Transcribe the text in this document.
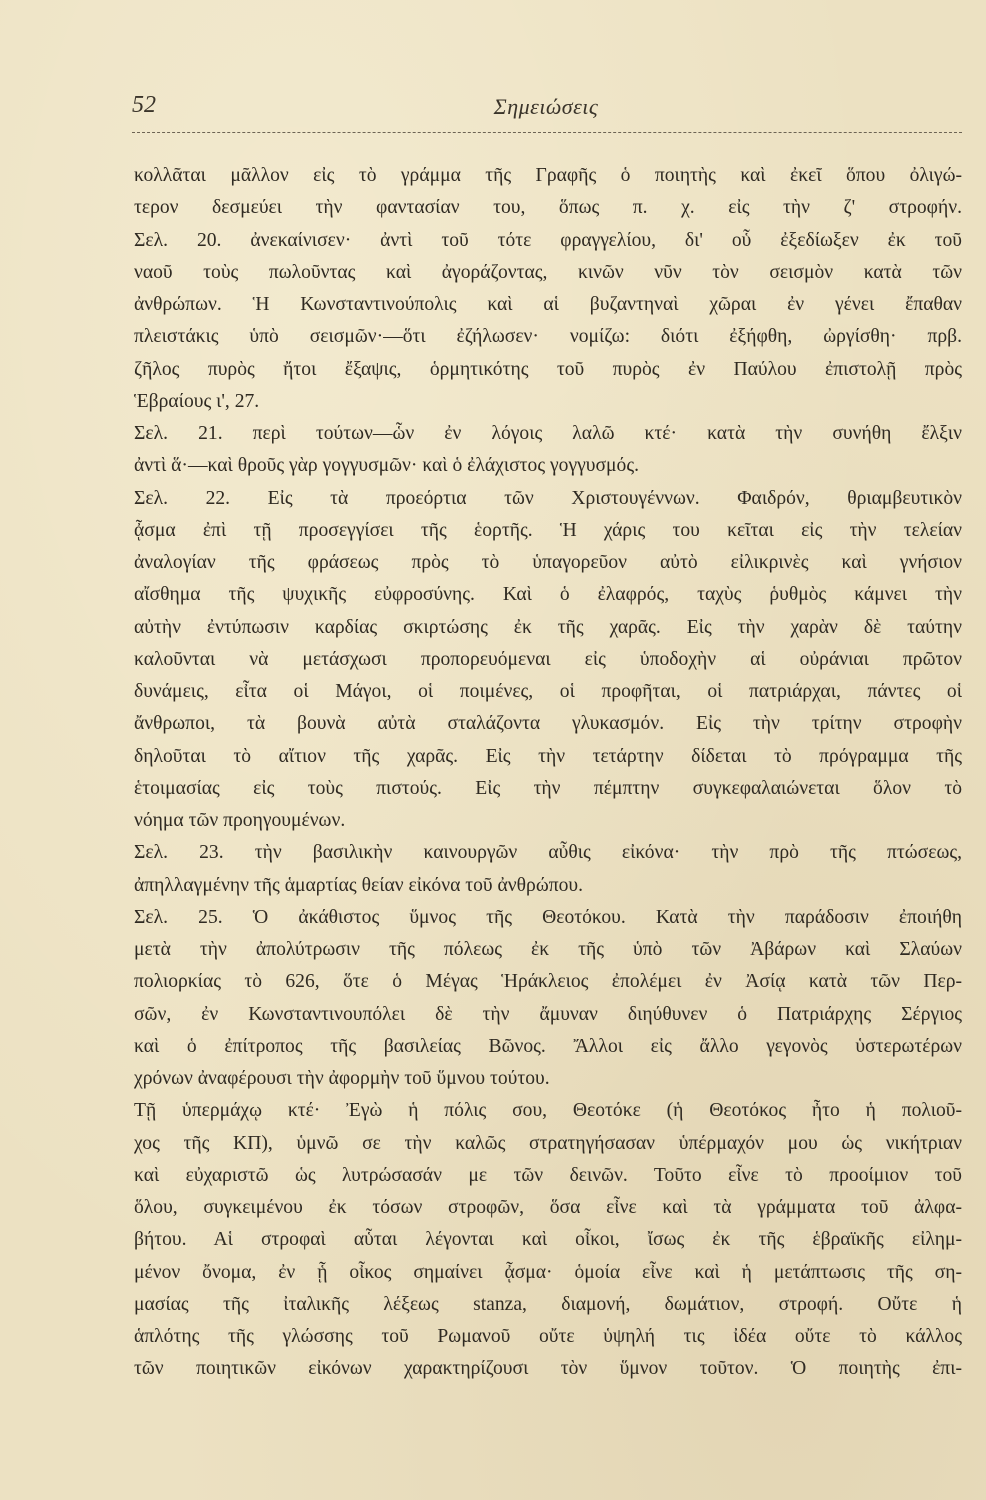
52	Σημειώσεις
κολλᾶται μᾶλλον εἰς τὸ γράμμα τῆς Γραφῆς ὁ ποιητὴς καὶ ἐκεῖ ὅπου ὀλιγώ-
τερον δεσμεύει τὴν φαντασίαν του, ὅπως π. χ. εἰς τὴν ζ' στροφήν.
Σελ. 20. ἀνεκαίνισεν· ἀντὶ τοῦ τότε φραγγελίου, δι' οὗ ἐξεδίωξεν ἐκ τοῦ
ναοῦ τοὺς πωλοῦντας καὶ ἀγοράζοντας, κινῶν νῦν τὸν σεισμὸν κατὰ τῶν
ἀνθρώπων. Ἡ Κωνσταντινούπολις καὶ αἱ βυζαντηναὶ χῶραι ἐν γένει ἔπαθαν
πλειστάκις ὑπὸ σεισμῶν·—ὅτι ἐζήλωσεν· νομίζω: διότι ἐξήφθη, ὠργίσθη· πρβ.
ζῆλος πυρὸς ἤτοι ἔξαψις, ὁρμητικότης τοῦ πυρὸς ἐν Παύλου ἐπιστολῇ πρὸς
Ἑβραίους ι', 27.
Σελ. 21. περὶ τούτων—ὧν ἐν λόγοις λαλῶ κτέ· κατὰ τὴν συνήθη ἔλξιν
ἀντὶ ἅ·—καὶ θροῦς γὰρ γογγυσμῶν· καὶ ὁ ἐλάχιστος γογγυσμός.
Σελ. 22. Εἰς τὰ προεόρτια τῶν Χριστουγέννων. Φαιδρόν, θριαμβευτικὸν
ᾆσμα ἐπὶ τῇ προσεγγίσει τῆς ἑορτῆς. Ἡ χάρις του κεῖται εἰς τὴν τελείαν
ἀναλογίαν τῆς φράσεως πρὸς τὸ ὑπαγορεῦον αὐτὸ εἰλικρινὲς καὶ γνήσιον
αἴσθημα τῆς ψυχικῆς εὐφροσύνης. Καὶ ὁ ἐλαφρός, ταχὺς ῥυθμὸς κάμνει τὴν
αὐτὴν ἐντύπωσιν καρδίας σκιρτώσης ἐκ τῆς χαρᾶς. Εἰς τὴν χαρὰν δὲ ταύτην
καλοῦνται νὰ μετάσχωσι προπορευόμεναι εἰς ὑποδοχὴν αἱ οὐράνιαι πρῶτον
δυνάμεις, εἶτα οἱ Μάγοι, οἱ ποιμένες, οἱ προφῆται, οἱ πατριάρχαι, πάντες οἱ
ἄνθρωποι, τὰ βουνὰ αὐτὰ σταλάζοντα γλυκασμόν. Εἰς τὴν τρίτην στροφὴν
δηλοῦται τὸ αἴτιον τῆς χαρᾶς. Εἰς τὴν τετάρτην δίδεται τὸ πρόγραμμα τῆς
ἑτοιμασίας εἰς τοὺς πιστούς. Εἰς τὴν πέμπτην συγκεφαλαιώνεται ὅλον τὸ
νόημα τῶν προηγουμένων.
Σελ. 23. τὴν βασιλικὴν καινουργῶν αὖθις εἰκόνα· τὴν πρὸ τῆς πτώσεως,
ἀπηλλαγμένην τῆς ἁμαρτίας θείαν εἰκόνα τοῦ ἀνθρώπου.
Σελ. 25. Ὁ ἀκάθιστος ὕμνος τῆς Θεοτόκου. Κατὰ τὴν παράδοσιν ἐποιήθη
μετὰ τὴν ἀπολύτρωσιν τῆς πόλεως ἐκ τῆς ὑπὸ τῶν Ἀβάρων καὶ Σλαύων
πολιορκίας τὸ 626, ὅτε ὁ Μέγας Ἡράκλειος ἐπολέμει ἐν Ἀσίᾳ κατὰ τῶν Περ-
σῶν, ἐν Κωνσταντινουπόλει δὲ τὴν ἄμυναν διηύθυνεν ὁ Πατριάρχης Σέργιος
καὶ ὁ ἐπίτροπος τῆς βασιλείας Βῶνος. Ἄλλοι εἰς ἄλλο γεγονὸς ὑστερωτέρων
χρόνων ἀναφέρουσι τὴν ἀφορμὴν τοῦ ὕμνου τούτου.
Τῇ ὑπερμάχῳ κτέ· Ἐγὼ ἡ πόλις σου, Θεοτόκε (ἡ Θεοτόκος ἦτο ἡ πολιοῦ-
χος τῆς ΚΠ), ὑμνῶ σε τὴν καλῶς στρατηγήσασαν ὑπέρμαχόν μου ὡς νικήτριαν
καὶ εὐχαριστῶ ὡς λυτρώσασάν με τῶν δεινῶν. Τοῦτο εἶνε τὸ προοίμιον τοῦ
ὅλου, συγκειμένου ἐκ τόσων στροφῶν, ὅσα εἶνε καὶ τὰ γράμματα τοῦ ἀλφα-
βήτου. Αἱ στροφαὶ αὗται λέγονται καὶ οἶκοι, ἴσως ἐκ τῆς ἑβραϊκῆς εἰλημ-
μένον ὄνομα, ἐν ᾗ οἶκος σημαίνει ᾆσμα· ὁμοία εἶνε καὶ ἡ μετάπτωσις τῆς ση-
μασίας τῆς ἰταλικῆς λέξεως stanza, διαμονή, δωμάτιον, στροφή. Οὔτε ἡ
ἁπλότης τῆς γλώσσης τοῦ Ρωμανοῦ οὔτε ὑψηλή τις ἰδέα οὔτε τὸ κάλλος
τῶν ποιητικῶν εἰκόνων χαρακτηρίζουσι τὸν ὕμνον τοῦτον. Ὁ ποιητὴς ἐπι-
